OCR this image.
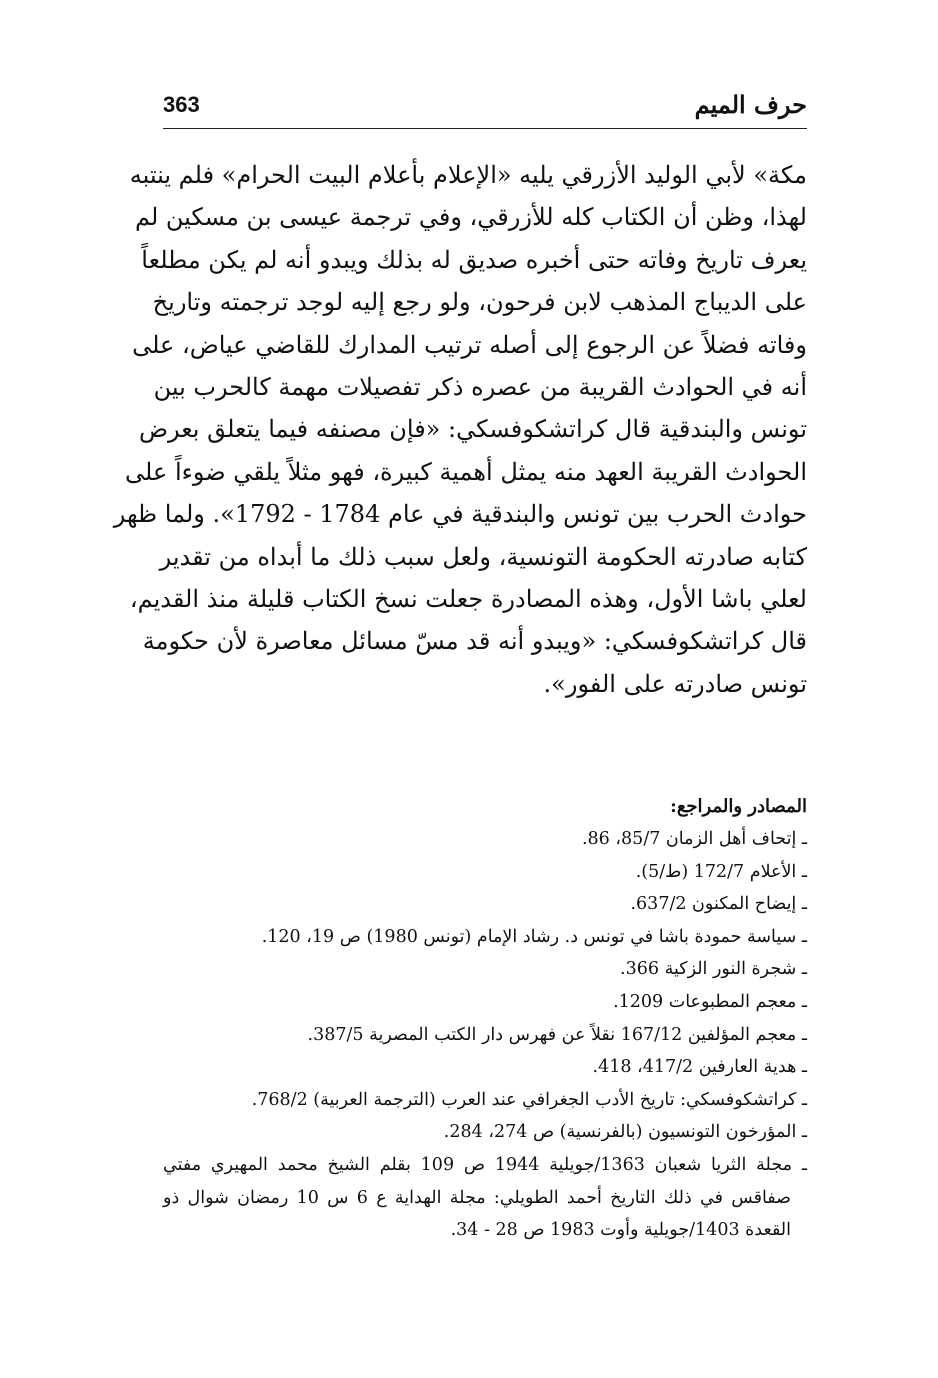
363	حرف الميم
مكة» لأبي الوليد الأزرقي يليه «الإعلام بأعلام البيت الحرام» فلم ينتبه
لهذا، وظن أن الكتاب كله للأزرقي، وفي ترجمة عيسى بن مسكين لم
يعرف تاريخ وفاته حتى أخبره صديق له بذلك ويبدو أنه لم يكن مطلعاً
على الديباج المذهب لابن فرحون، ولو رجع إليه لوجد ترجمته وتاريخ
وفاته فضلاً عن الرجوع إلى أصله ترتيب المدارك للقاضي عياض، على
أنه في الحوادث القريبة من عصره ذكر تفصيلات مهمة كالحرب بين
تونس والبندقية قال كراتشكوفسكي: «فإن مصنفه فيما يتعلق بعرض
الحوادث القريبة العهد منه يمثل أهمية كبيرة، فهو مثلاً يلقي ضوءاً على
حوادث الحرب بين تونس والبندقية في عام 1784 - 1792». ولما ظهر
كتابه صادرته الحكومة التونسية، ولعل سبب ذلك ما أبداه من تقدير
لعلي باشا الأول، وهذه المصادرة جعلت نسخ الكتاب قليلة منذ القديم،
قال كراتشكوفسكي: «ويبدو أنه قد مسّ مسائل معاصرة لأن حكومة
تونس صادرته على الفور».
المصادر والمراجع:
ـ إتحاف أهل الزمان 85/7، 86.
ـ الأعلام 172/7 (ط/5).
ـ إيضاح المكنون 637/2.
ـ سياسة حمودة باشا في تونس د. رشاد الإمام (تونس 1980) ص 19، 120.
ـ شجرة النور الزكية 366.
ـ معجم المطبوعات 1209.
ـ معجم المؤلفين 167/12 نقلاً عن فهرس دار الكتب المصرية 387/5.
ـ هدية العارفين 417/2، 418.
ـ كراتشكوفسكي: تاريخ الأدب الجغرافي عند العرب (الترجمة العربية) 768/2.
ـ المؤرخون التونسيون (بالفرنسية) ص 274، 284.
ـ مجلة الثريا شعبان 1363/جويلية 1944 ص 109 بقلم الشيخ محمد المهيري مفتي صفاقس في ذلك التاريخ أحمد الطويلي: مجلة الهداية ع 6 س 10 رمضان شوال ذو القعدة 1403/جويلية وأوت 1983 ص 28 - 34.
